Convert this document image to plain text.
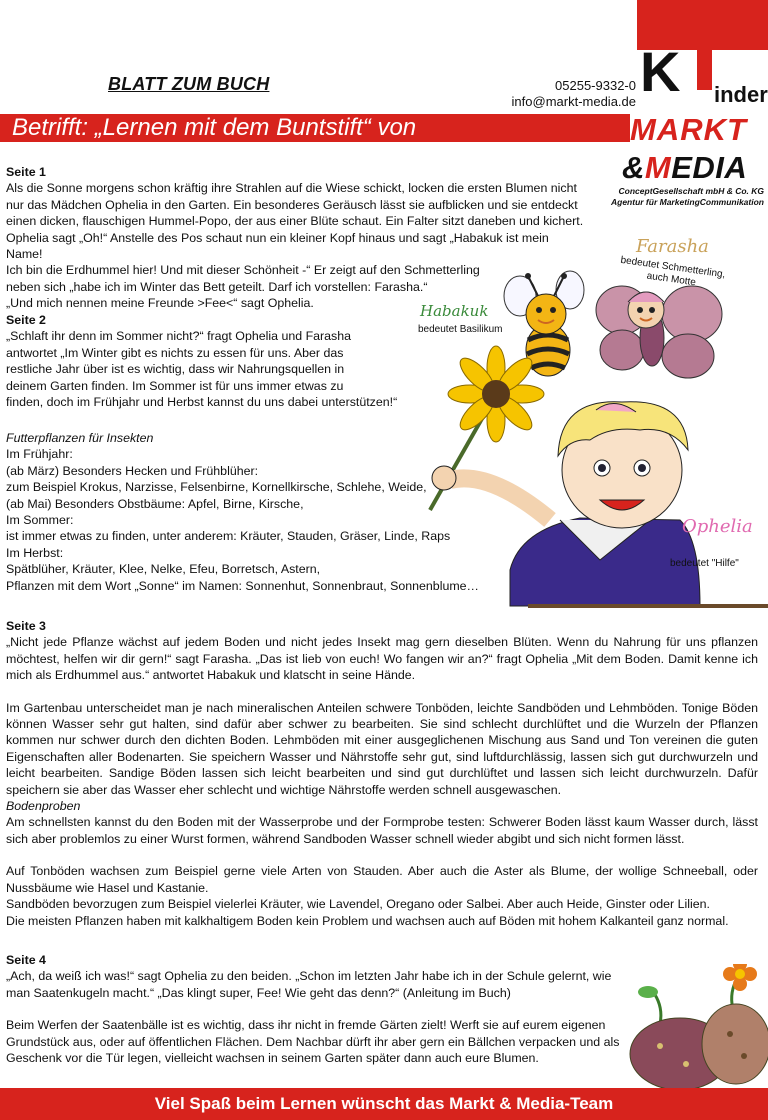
K inder
MARKT
&MEDIA
ConceptGesellschaft mbH & Co. KG
Agentur für MarketingCommunikation
BLATT ZUM BUCH	05255-9332-0
info@markt-media.de
Betrifft: „Lernen mit dem Buntstift“ von

Seite 1

Als die Sonne morgens schon kräftig ihre Strahlen auf die Wiese schickt, locken die ersten Blumen nicht

nur das Mädchen Ophelia in den Garten. Ein besonderes Geräusch lässt sie aufblicken und sie entdeckt

einen dicken, flauschigen Hummel-Popo, der aus einer Blüte schaut. Ein Falter sitzt daneben und kichert.

Ophelia sagt „Oh!“ Anstelle des Pos schaut nun ein kleiner Kopf hinaus und sagt „Habakuk ist mein Name!

Ich bin die Erdhummel hier! Und mit dieser Schönheit -“ Er zeigt auf den Schmetterling

neben sich „habe ich im Winter das Bett geteilt. Darf ich vorstellen: Farasha.“

„Und mich nennen meine Freunde >Fee<“ sagt Ophelia.

Seite 2

„Schlaft ihr denn im Sommer nicht?“ fragt Ophelia und Farasha

antwortet „Im Winter gibt es nichts zu essen für uns. Aber das

restliche Jahr über ist es wichtig, dass wir Nahrungsquellen in

deinem Garten finden. Im Sommer ist für uns immer etwas zu

finden, doch im Frühjahr und Herbst kannst du uns dabei unterstützen!“

Futterpflanzen für Insekten

Im Frühjahr:

(ab März) Besonders Hecken und Frühblüher:

zum Beispiel Krokus, Narzisse, Felsenbirne, Kornellkirsche, Schlehe, Weide,

(ab Mai) Besonders Obstbäume: Apfel, Birne, Kirsche,

Im Sommer:

ist immer etwas zu finden, unter anderem: Kräuter, Stauden, Gräser, Linde, Raps

Im Herbst:

Spätblüher, Kräuter, Klee, Nelke, Efeu, Borretsch, Astern,

Pflanzen mit dem Wort „Sonne“ im Namen: Sonnenhut, Sonnenbraut, Sonnenblume…

Farasha
bedeutet Schmetterling, auch Motte
Habakuk
bedeutet Basilikum
Ophelia
bedeutet "Hilfe"

Seite 3

„Nicht jede Pflanze wächst auf jedem Boden und nicht jedes Insekt mag gern dieselben Blüten. Wenn du Nahrung für uns pflanzen möchtest, helfen wir dir gern!“ sagt Farasha. „Das ist lieb von euch! Wo fangen wir an?“ fragt Ophelia „Mit dem Boden. Damit kenne ich mich als Erdhummel aus.“ antwortet Habakuk und klatscht in seine Hände.

Im Gartenbau unterscheidet man je nach mineralischen Anteilen schwere Tonböden, leichte Sandböden und Lehmböden. Tonige Böden können Wasser sehr gut halten, sind dafür aber schwer zu bearbeiten. Sie sind schlecht durchlüftet und die Wurzeln der Pflanzen kommen nur schwer durch den dichten Boden. Lehmböden mit einer ausgeglichenen Mischung aus Sand und Ton vereinen die guten Eigenschaften aller Bodenarten. Sie speichern Wasser und Nährstoffe sehr gut, sind luftdurchlässig, lassen sich gut durchwurzeln und leicht bearbeiten. Sandige Böden lassen sich leicht bearbeiten und sind gut durchlüftet und lassen sich leicht durchwurzeln. Dafür speichern sie aber das Wasser eher schlecht und wichtige Nährstoffe werden schnell ausgewaschen.

Bodenproben

Am schnellsten kannst du den Boden mit der Wasserprobe und der Formprobe testen: Schwerer Boden lässt kaum Wasser durch, lässt sich aber problemlos zu einer Wurst formen, während Sandboden Wasser schnell wieder abgibt und sich nicht formen lässt.

Auf Tonböden wachsen zum Beispiel gerne viele Arten von Stauden. Aber auch die Aster als Blume, der wollige Schneeball, oder Nussbäume wie Hasel und Kastanie.

Sandböden bevorzugen zum Beispiel vielerlei Kräuter, wie Lavendel, Oregano oder Salbei. Aber auch Heide, Ginster oder Lilien.

Die meisten Pflanzen haben mit kalkhaltigem Boden kein Problem und wachsen auch auf Böden mit hohem Kalkanteil ganz normal.

Seite 4

„Ach, da weiß ich was!“ sagt Ophelia zu den beiden. „Schon im letzten Jahr habe ich in der Schule gelernt, wie man Saatenkugeln macht.“ „Das klingt super, Fee! Wie geht das denn?“ (Anleitung im Buch)

Beim Werfen der Saatenbälle ist es wichtig, dass ihr nicht in fremde Gärten zielt! Werft sie auf eurem eigenen

Grundstück aus, oder auf öffentlichen Flächen. Dem Nachbar dürft ihr aber gern ein Bällchen verpacken und als

Geschenk vor die Tür legen, vielleicht wachsen in seinem Garten später dann auch eure Blumen.

Viel Spaß beim Lernen wünscht das Markt & Media-Team
